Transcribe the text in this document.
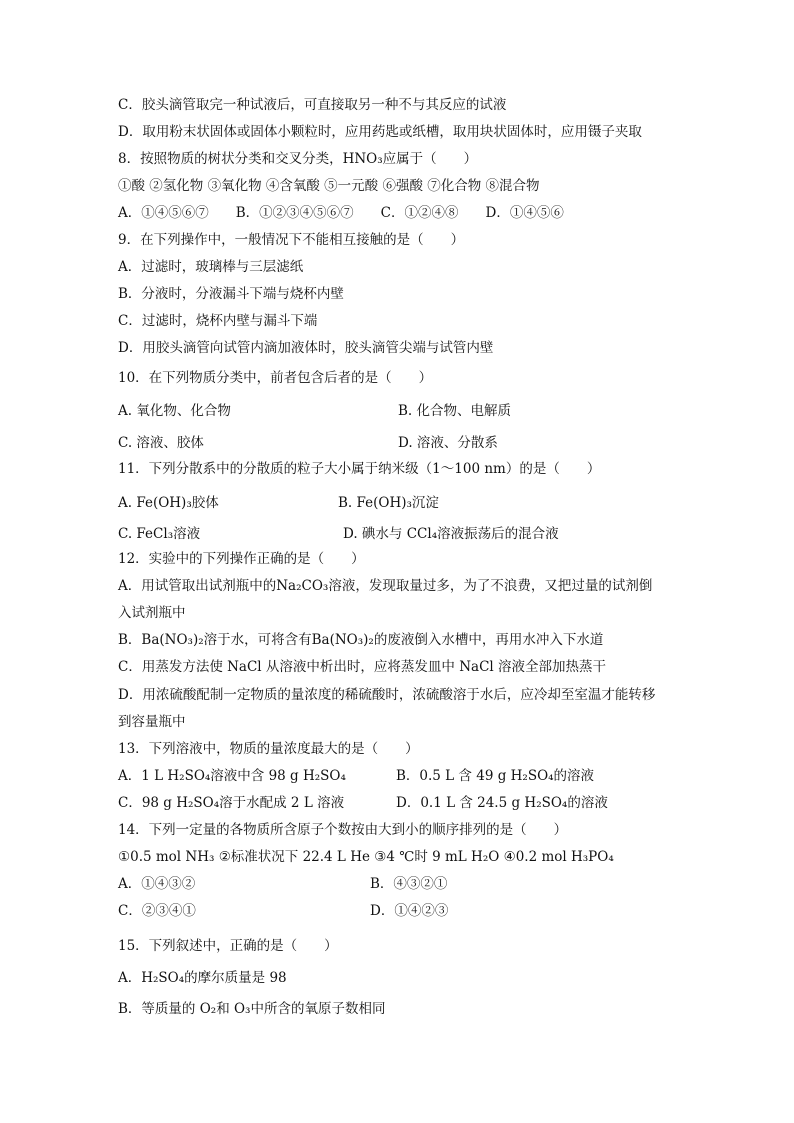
C．胶头滴管取完一种试液后，可直接取另一种不与其反应的试液
D．取用粉末状固体或固体小颗粒时，应用药匙或纸槽，取用块状固体时，应用镊子夹取
8．按照物质的树状分类和交叉分类，HNO₃应属于（　　）
①酸 ②氢化物 ③氧化物 ④含氧酸 ⑤一元酸 ⑥强酸 ⑦化合物 ⑧混合物
A．①④⑤⑥⑦　　B．①②③④⑤⑥⑦　　C．①②④⑧　　D．①④⑤⑥
9．在下列操作中，一般情况下不能相互接触的是（　　）
A．过滤时，玻璃棒与三层滤纸
B．分液时，分液漏斗下端与烧杯内壁
C．过滤时，烧杯内壁与漏斗下端
D．用胶头滴管向试管内滴加液体时，胶头滴管尖端与试管内壁
10．在下列物质分类中，前者包含后者的是（　　）
A. 氧化物、化合物	B. 化合物、电解质
C. 溶液、胶体	D. 溶液、分散系
11．下列分散系中的分散质的粒子大小属于纳米级（1～100 nm）的是（　　）
A. Fe(OH)₃胶体	B. Fe(OH)₃沉淀
C. FeCl₃溶液	D. 碘水与 CCl₄溶液振荡后的混合液
12．实验中的下列操作正确的是（　　）
A．用试管取出试剂瓶中的Na₂CO₃溶液，发现取量过多，为了不浪费，又把过量的试剂倒
入试剂瓶中
B．Ba(NO₃)₂溶于水，可将含有Ba(NO₃)₂的废液倒入水槽中，再用水冲入下水道
C．用蒸发方法使 NaCl 从溶液中析出时，应将蒸发皿中 NaCl 溶液全部加热蒸干
D．用浓硫酸配制一定物质的量浓度的稀硫酸时，浓硫酸溶于水后，应冷却至室温才能转移
到容量瓶中
13．下列溶液中，物质的量浓度最大的是（　　）
A．1 L H₂SO₄溶液中含 98 g H₂SO₄	B．0.5 L 含 49 g H₂SO₄的溶液
C．98 g H₂SO₄溶于水配成 2 L 溶液	D．0.1 L 含 24.5 g H₂SO₄的溶液
14．下列一定量的各物质所含原子个数按由大到小的顺序排列的是（　　）
①0.5 mol NH₃ ②标准状况下 22.4 L He ③4 ℃时 9 mL H₂O ④0.2 mol H₃PO₄
A．①④③②	B．④③②①
C．②③④①	D．①④②③
15．下列叙述中，正确的是（　　）
A．H₂SO₄的摩尔质量是 98
B．等质量的 O₂和 O₃中所含的氧原子数相同
